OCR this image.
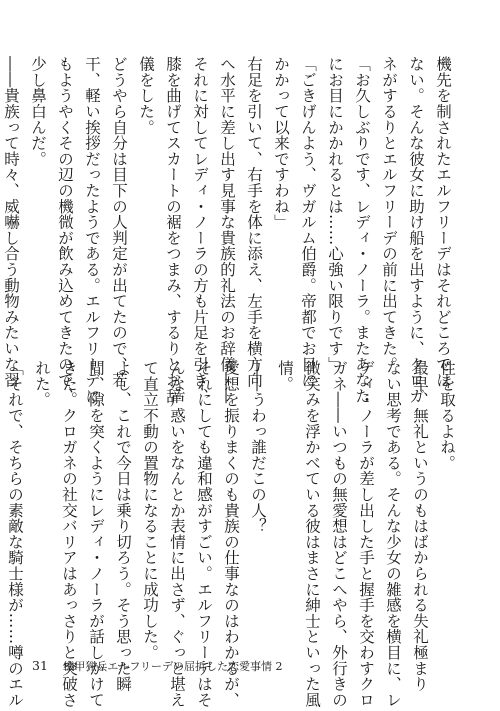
機先を制されたエルフリーデはそれどころでは
ない。そんな彼女に助け船を出すように、クロガ
ネがするりとエルフリーデの前に出てきた。
「お久しぶりです、レディ・ノーラ。またあなた
にお目にかかれるとは……心強い限りです」
「ごきげんよう、ヴガルム伯爵。帝都でお目に
かかって以来ですわね」
右足を引いて、右手を体に添え、左手を横方向
へ水平に差し出す見事な貴族的礼法のお辞儀――
それに対してレディ・ノーラの方も片足を引き、
膝を曲げてスカートの裾をつまみ、するりとお辞
儀をした。
どうやら自分は目下の人判定が出てたので、若
干、軽い挨拶だったようである。エルフリーデに
もようやくその辺の機微が飲み込めてきたので、
少し鼻白んだ。
――貴族って時々、威嚇し合う動物みたいな習
性を取るよね。
最早、無礼というのもはばかられる失礼極まり
ない思考である。そんな少女の雑感を横目に、レ
ディ・ノーラが差し出した手と握手を交わすクロ
ガネ――いつもの無愛想はどこへやら、外行きの
微笑みを浮かべている彼はまさに紳士といった風
情。
――うわっ誰だこの人？
愛想を振りまくのも貴族の仕事なのはわかるが、
それにしても違和感がすごい。エルフリーデはそ
んな戸惑いをなんとか表情に出さず、ぐっと堪え
て直立不動の置物になることに成功した。
よし、これで今日は乗り切ろう。そう思った瞬
間、隙を突くようにレディ・ノーラが話しかけて
きた。クロガネの社交バリアはあっさりと突破さ
れた。
「それで、そちらの素敵な騎士様が……噂のエル 31 機甲猟兵エルフリーデの屈折した恋愛事情 2
